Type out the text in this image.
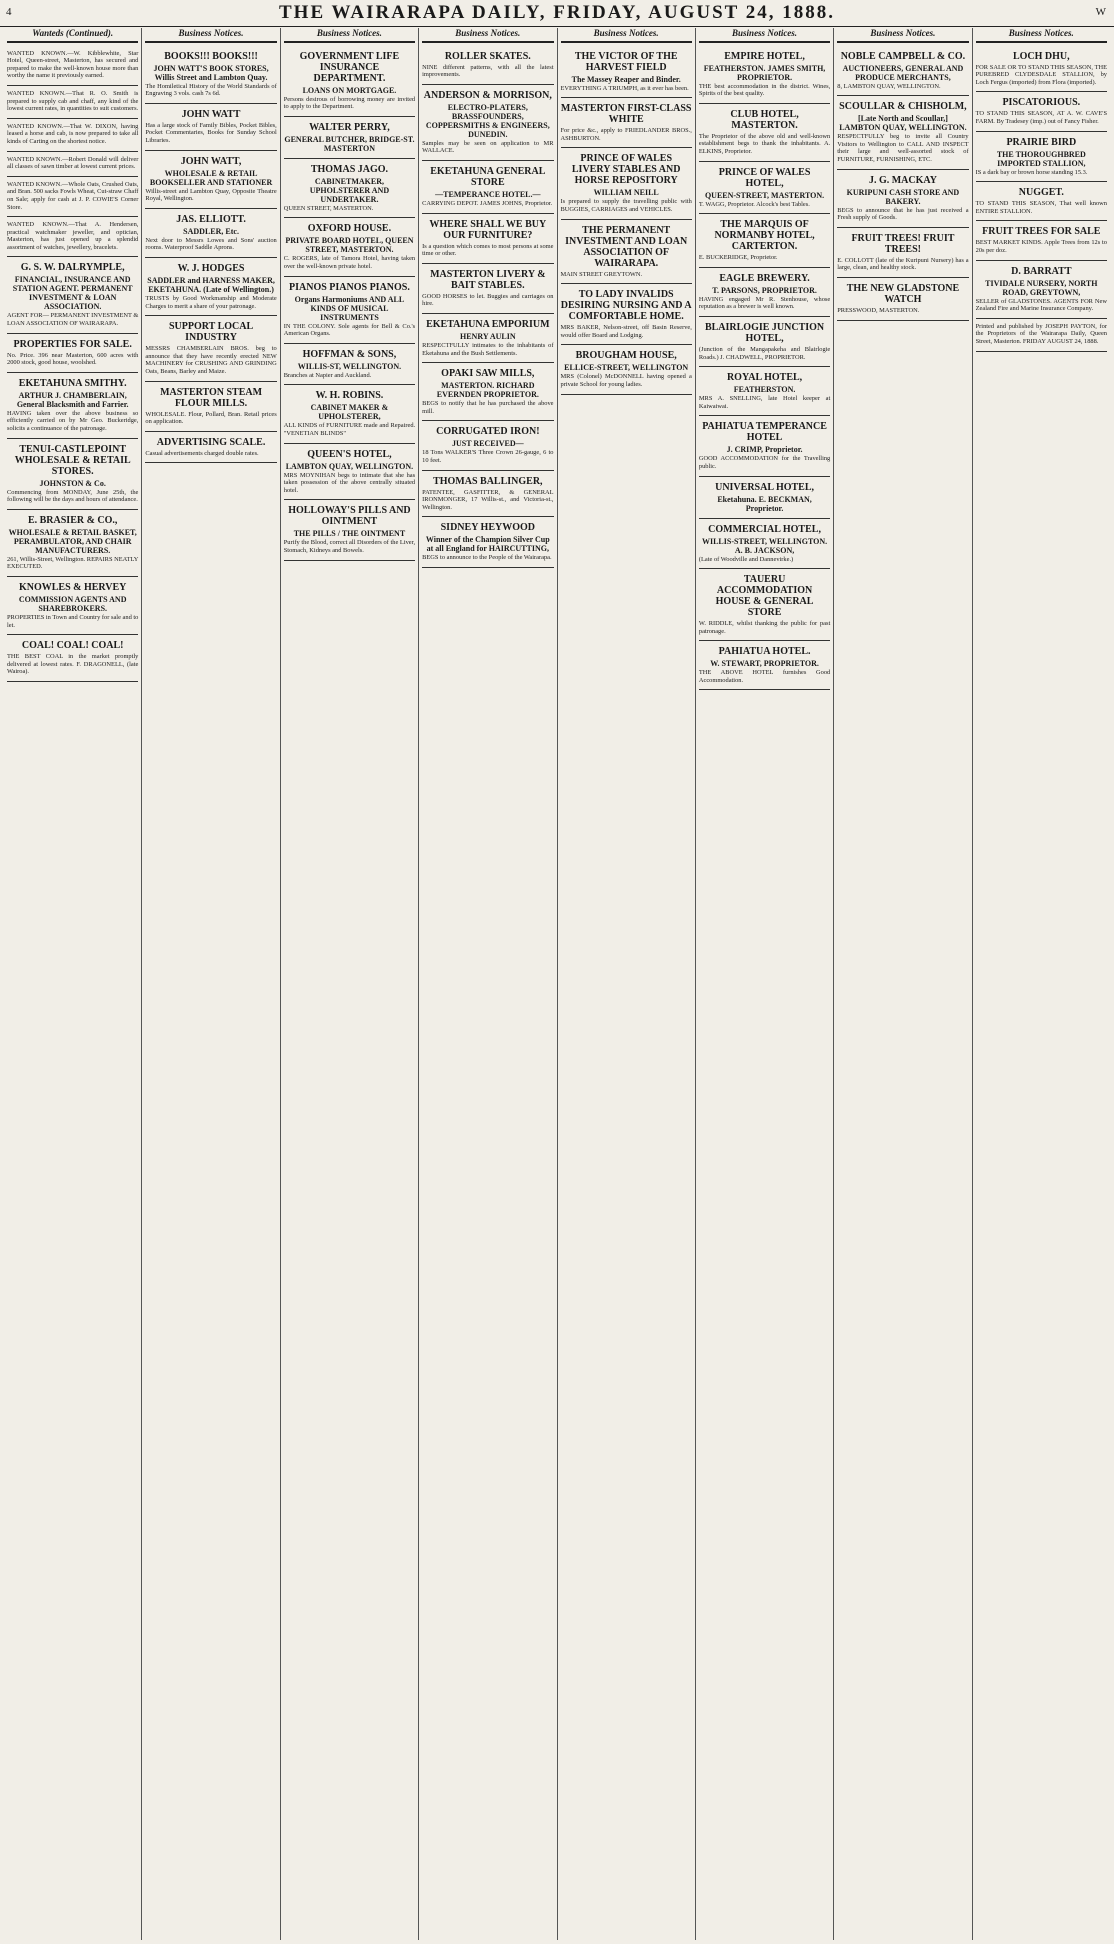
4	THE WAIRARAPA DAILY, FRIDAY, AUGUST 24, 1888.	W
Wanteds (Continued).

WANTED KNOWN.—W. Kibblewhite, Star Hotel, Queen-street, Masterton, has secured and prepared to make the well-known house more than worthy the name it previously earned.

WANTED KNOWN.—That R. O. Smith is prepared to supply cab and chaff, any kind of the lowest current rates, in quantities to suit customers.

WANTED KNOWN.—That W. DIXON, having leased a horse and cab, is now prepared to take all kinds of Carting on the shortest notice.

WANTED KNOWN.—Robert Donald will deliver all classes of sawn timber at lowest current prices.

WANTED KNOWN.—Whole Oats, Crushed Oats, and Bran. 500 sacks Fowls Wheat, Cut-straw Chaff on Sale; apply for cash at J. P. COWIE'S Corner Store.

WANTED KNOWN.—That A. Hendersen, practical watchmaker jeweller, and optician, Masterton, has just opened up a splendid assortment of watches, jewellery, bracelets.

G. S. W. DALRYMPLE,
FINANCIAL, INSURANCE AND STATION AGENT. PERMANENT INVESTMENT & LOAN ASSOCIATION.

AGENT FOR— PERMANENT INVESTMENT & LOAN ASSOCIATION OF WAIRARAPA.

PROPERTIES FOR SALE.

No. Price. 396 near Masterton, 600 acres with 2000 stock, good house, woolshed.

EKETAHUNA SMITHY.
ARTHUR J. CHAMBERLAIN, General Blacksmith and Farrier.

HAVING taken over the above business so efficiently carried on by Mr Geo. Buckeridge, solicits a continuance of the patronage.

TENUI-CASTLEPOINT WHOLESALE & RETAIL STORES.
JOHNSTON & Co.

Commencing from MONDAY, June 25th, the following will be the days and hours of attendance.

E. BRASIER & CO.,
WHOLESALE & RETAIL BASKET, PERAMBULATOR, AND CHAIR MANUFACTURERS.

261, Willis-Street, Wellington. REPAIRS NEATLY EXECUTED.

KNOWLES & HERVEY
COMMISSION AGENTS AND SHAREBROKERS.

PROPERTIES in Town and Country for sale and to let.

COAL! COAL! COAL!

THE BEST COAL in the market promptly delivered at lowest rates. F. DRAGONELL, (late Wairoa).

Business Notices.
BOOKS!!! BOOKS!!!
JOHN WATT'S BOOK STORES, Willis Street and Lambton Quay.

The Homiletical History of the World Standards of Engraving 3 vols. cash 7s 6d.

JOHN WATT

Has a large stock of Family Bibles, Pocket Bibles, Pocket Commentaries, Books for Sunday School Libraries.

JOHN WATT,
WHOLESALE & RETAIL BOOKSELLER AND STATIONER

Willis-street and Lambton Quay, Opposite Theatre Royal, Wellington.

JAS. ELLIOTT.
SADDLER, Etc.

Next door to Messrs Lowes and Sons' auction rooms. Waterproof Saddle Aprons.

W. J. HODGES
SADDLER and HARNESS MAKER, EKETAHUNA. (Late of Wellington.)

TRUSTS by Good Workmanship and Moderate Charges to merit a share of your patronage.

SUPPORT LOCAL INDUSTRY

MESSRS CHAMBERLAIN BROS. beg to announce that they have recently erected NEW MACHINERY for CRUSHING AND GRINDING Oats, Beans, Barley and Maize.

MASTERTON STEAM FLOUR MILLS.

WHOLESALE. Flour, Pollard, Bran. Retail prices on application.

ADVERTISING SCALE.

Casual advertisements charged double rates.

Business Notices.
GOVERNMENT LIFE INSURANCE DEPARTMENT.
LOANS ON MORTGAGE.

Persons desirous of borrowing money are invited to apply to the Department.

WALTER PERRY,
GENERAL BUTCHER, BRIDGE-ST. MASTERTON
THOMAS JAGO.
CABINETMAKER, UPHOLSTERER AND UNDERTAKER.

QUEEN STREET, MASTERTON.

OXFORD HOUSE.
PRIVATE BOARD HOTEL, QUEEN STREET, MASTERTON.

C. ROGERS, late of Tamora Hotel, having taken over the well-known private hotel.

PIANOS PIANOS PIANOS.
Organs Harmoniums AND ALL KINDS OF MUSICAL INSTRUMENTS

IN THE COLONY. Sole agents for Bell & Co.'s American Organs.

HOFFMAN & SONS,
WILLIS-ST, WELLINGTON.

Branches at Napier and Auckland.

W. H. ROBINS.
CABINET MAKER & UPHOLSTERER,

ALL KINDS of FURNITURE made and Repaired. "VENETIAN BLINDS"

QUEEN'S HOTEL,
LAMBTON QUAY, WELLINGTON.

MRS MOYNIHAN begs to intimate that she has taken possession of the above centrally situated hotel.

HOLLOWAY'S PILLS AND OINTMENT
THE PILLS / THE OINTMENT

Purify the Blood, correct all Disorders of the Liver, Stomach, Kidneys and Bowels.

Business Notices.
ROLLER SKATES.

NINE different patterns, with all the latest improvements.

ANDERSON & MORRISON,
ELECTRO-PLATERS, BRASSFOUNDERS, COPPERSMITHS & ENGINEERS, DUNEDIN.

Samples may be seen on application to MR WALLACE.

EKETAHUNA GENERAL STORE
—TEMPERANCE HOTEL.—

CARRYING DEPOT. JAMES JOHNS, Proprietor.

WHERE SHALL WE BUY OUR FURNITURE?

Is a question which comes to most persons at some time or other.

MASTERTON LIVERY & BAIT STABLES.

GOOD HORSES to let. Buggies and carriages on hire.

EKETAHUNA EMPORIUM
HENRY AULIN

RESPECTFULLY intimates to the inhabitants of Eketahuna and the Bush Settlements.

OPAKI SAW MILLS,
MASTERTON. RICHARD EVERNDEN PROPRIETOR.

BEGS to notify that he has purchased the above mill.

CORRUGATED IRON!
JUST RECEIVED—

18 Tons WALKER'S Three Crown 26-gauge, 6 to 10 feet.

THOMAS BALLINGER,

PATENTEE, GASFITTER, & GENERAL IRONMONGER, 17 Willis-st., and Victoria-st., Wellington.

SIDNEY HEYWOOD
Winner of the Champion Silver Cup at all England for HAIRCUTTING,

BEGS to announce to the People of the Wairarapa.

Business Notices.
THE VICTOR OF THE HARVEST FIELD
The Massey Reaper and Binder.

EVERYTHING A TRIUMPH, as it ever has been.

MASTERTON FIRST-CLASS WHITE

For price &c., apply to FRIEDLANDER BROS., ASHBURTON.

PRINCE OF WALES LIVERY STABLES AND HORSE REPOSITORY
WILLIAM NEILL

Is prepared to supply the travelling public with BUGGIES, CARRIAGES and VEHICLES.

THE PERMANENT INVESTMENT AND LOAN ASSOCIATION OF WAIRARAPA.

MAIN STREET GREYTOWN.

TO LADY INVALIDS DESIRING NURSING AND A COMFORTABLE HOME.

MRS BAKER, Nelson-street, off Basin Reserve, would offer Board and Lodging.

BROUGHAM HOUSE,
ELLICE-STREET, WELLINGTON

MRS (Colonel) McDONNELL having opened a private School for young ladies.

Business Notices.
EMPIRE HOTEL,
FEATHERSTON. JAMES SMITH, PROPRIETOR.

THE best accommodation in the district. Wines, Spirits of the best quality.

CLUB HOTEL, MASTERTON.

The Proprietor of the above old and well-known establishment begs to thank the inhabitants. A. ELKINS, Proprietor.

PRINCE OF WALES HOTEL,
QUEEN-STREET, MASTERTON.

T. WAGG, Proprietor. Alcock's best Tables.

THE MARQUIS OF NORMANBY HOTEL, CARTERTON.

E. BUCKERIDGE, Proprietor.

EAGLE BREWERY.
T. PARSONS, PROPRIETOR.

HAVING engaged Mr R. Stenhouse, whose reputation as a brewer is well known.

BLAIRLOGIE JUNCTION HOTEL,

(Junction of the Mangapakeha and Blairlogie Roads.) J. CHADWELL, PROPRIETOR.

ROYAL HOTEL,
FEATHERSTON.

MRS A. SNELLING, late Hotel keeper at Kaiwaiwai.

PAHIATUA TEMPERANCE HOTEL
J. CRIMP, Proprietor.

GOOD ACCOMMODATION for the Travelling public.

UNIVERSAL HOTEL,
Eketahuna. E. BECKMAN, Proprietor.
COMMERCIAL HOTEL,
WILLIS-STREET, WELLINGTON. A. B. JACKSON,

(Late of Woodville and Dannevirke.)

TAUERU ACCOMMODATION HOUSE & GENERAL STORE

W. RIDDLE, whilst thanking the public for past patronage.

PAHIATUA HOTEL.
W. STEWART, PROPRIETOR.

THE ABOVE HOTEL furnishes Good Accommodation.

Business Notices.
NOBLE CAMPBELL & CO.
AUCTIONEERS, GENERAL AND PRODUCE MERCHANTS,

8, LAMBTON QUAY, WELLINGTON.

SCOULLAR & CHISHOLM,
[Late North and Scoullar,] LAMBTON QUAY, WELLINGTON.

RESPECTFULLY beg to invite all Country Visitors to Wellington to CALL AND INSPECT their large and well-assorted stock of FURNITURE, FURNISHING, ETC.

J. G. MACKAY
KURIPUNI CASH STORE AND BAKERY.

BEGS to announce that he has just received a Fresh supply of Goods.

FRUIT TREES! FRUIT TREES!

E. COLLOTT (late of the Kuripuni Nursery) has a large, clean, and healthy stock.

THE NEW GLADSTONE WATCH

PRESSWOOD, MASTERTON.

Business Notices.
LOCH DHU,

FOR SALE OR TO STAND THIS SEASON, THE PUREBRED CLYDESDALE STALLION, by Loch Fergus (imported) from Flora (imported).

PISCATORIOUS.

TO STAND THIS SEASON, AT A. W. CAVE'S FARM. By Tradesey (imp.) out of Fancy Fisher.

PRAIRIE BIRD
THE THOROUGHBRED IMPORTED STALLION,

IS a dark bay or brown horse standing 15.3.

NUGGET.

TO STAND THIS SEASON, That well known ENTIRE STALLION.

FRUIT TREES FOR SALE

BEST MARKET KINDS. Apple Trees from 12s to 20s per doz.

D. BARRATT
TIVIDALE NURSERY, NORTH ROAD, GREYTOWN,

SELLER of GLADSTONES. AGENTS FOR New Zealand Fire and Marine Insurance Company.

Printed and published by JOSEPH PAYTON, for the Proprietors of the Wairarapa Daily, Queen Street, Masterton. FRIDAY AUGUST 24, 1888.
